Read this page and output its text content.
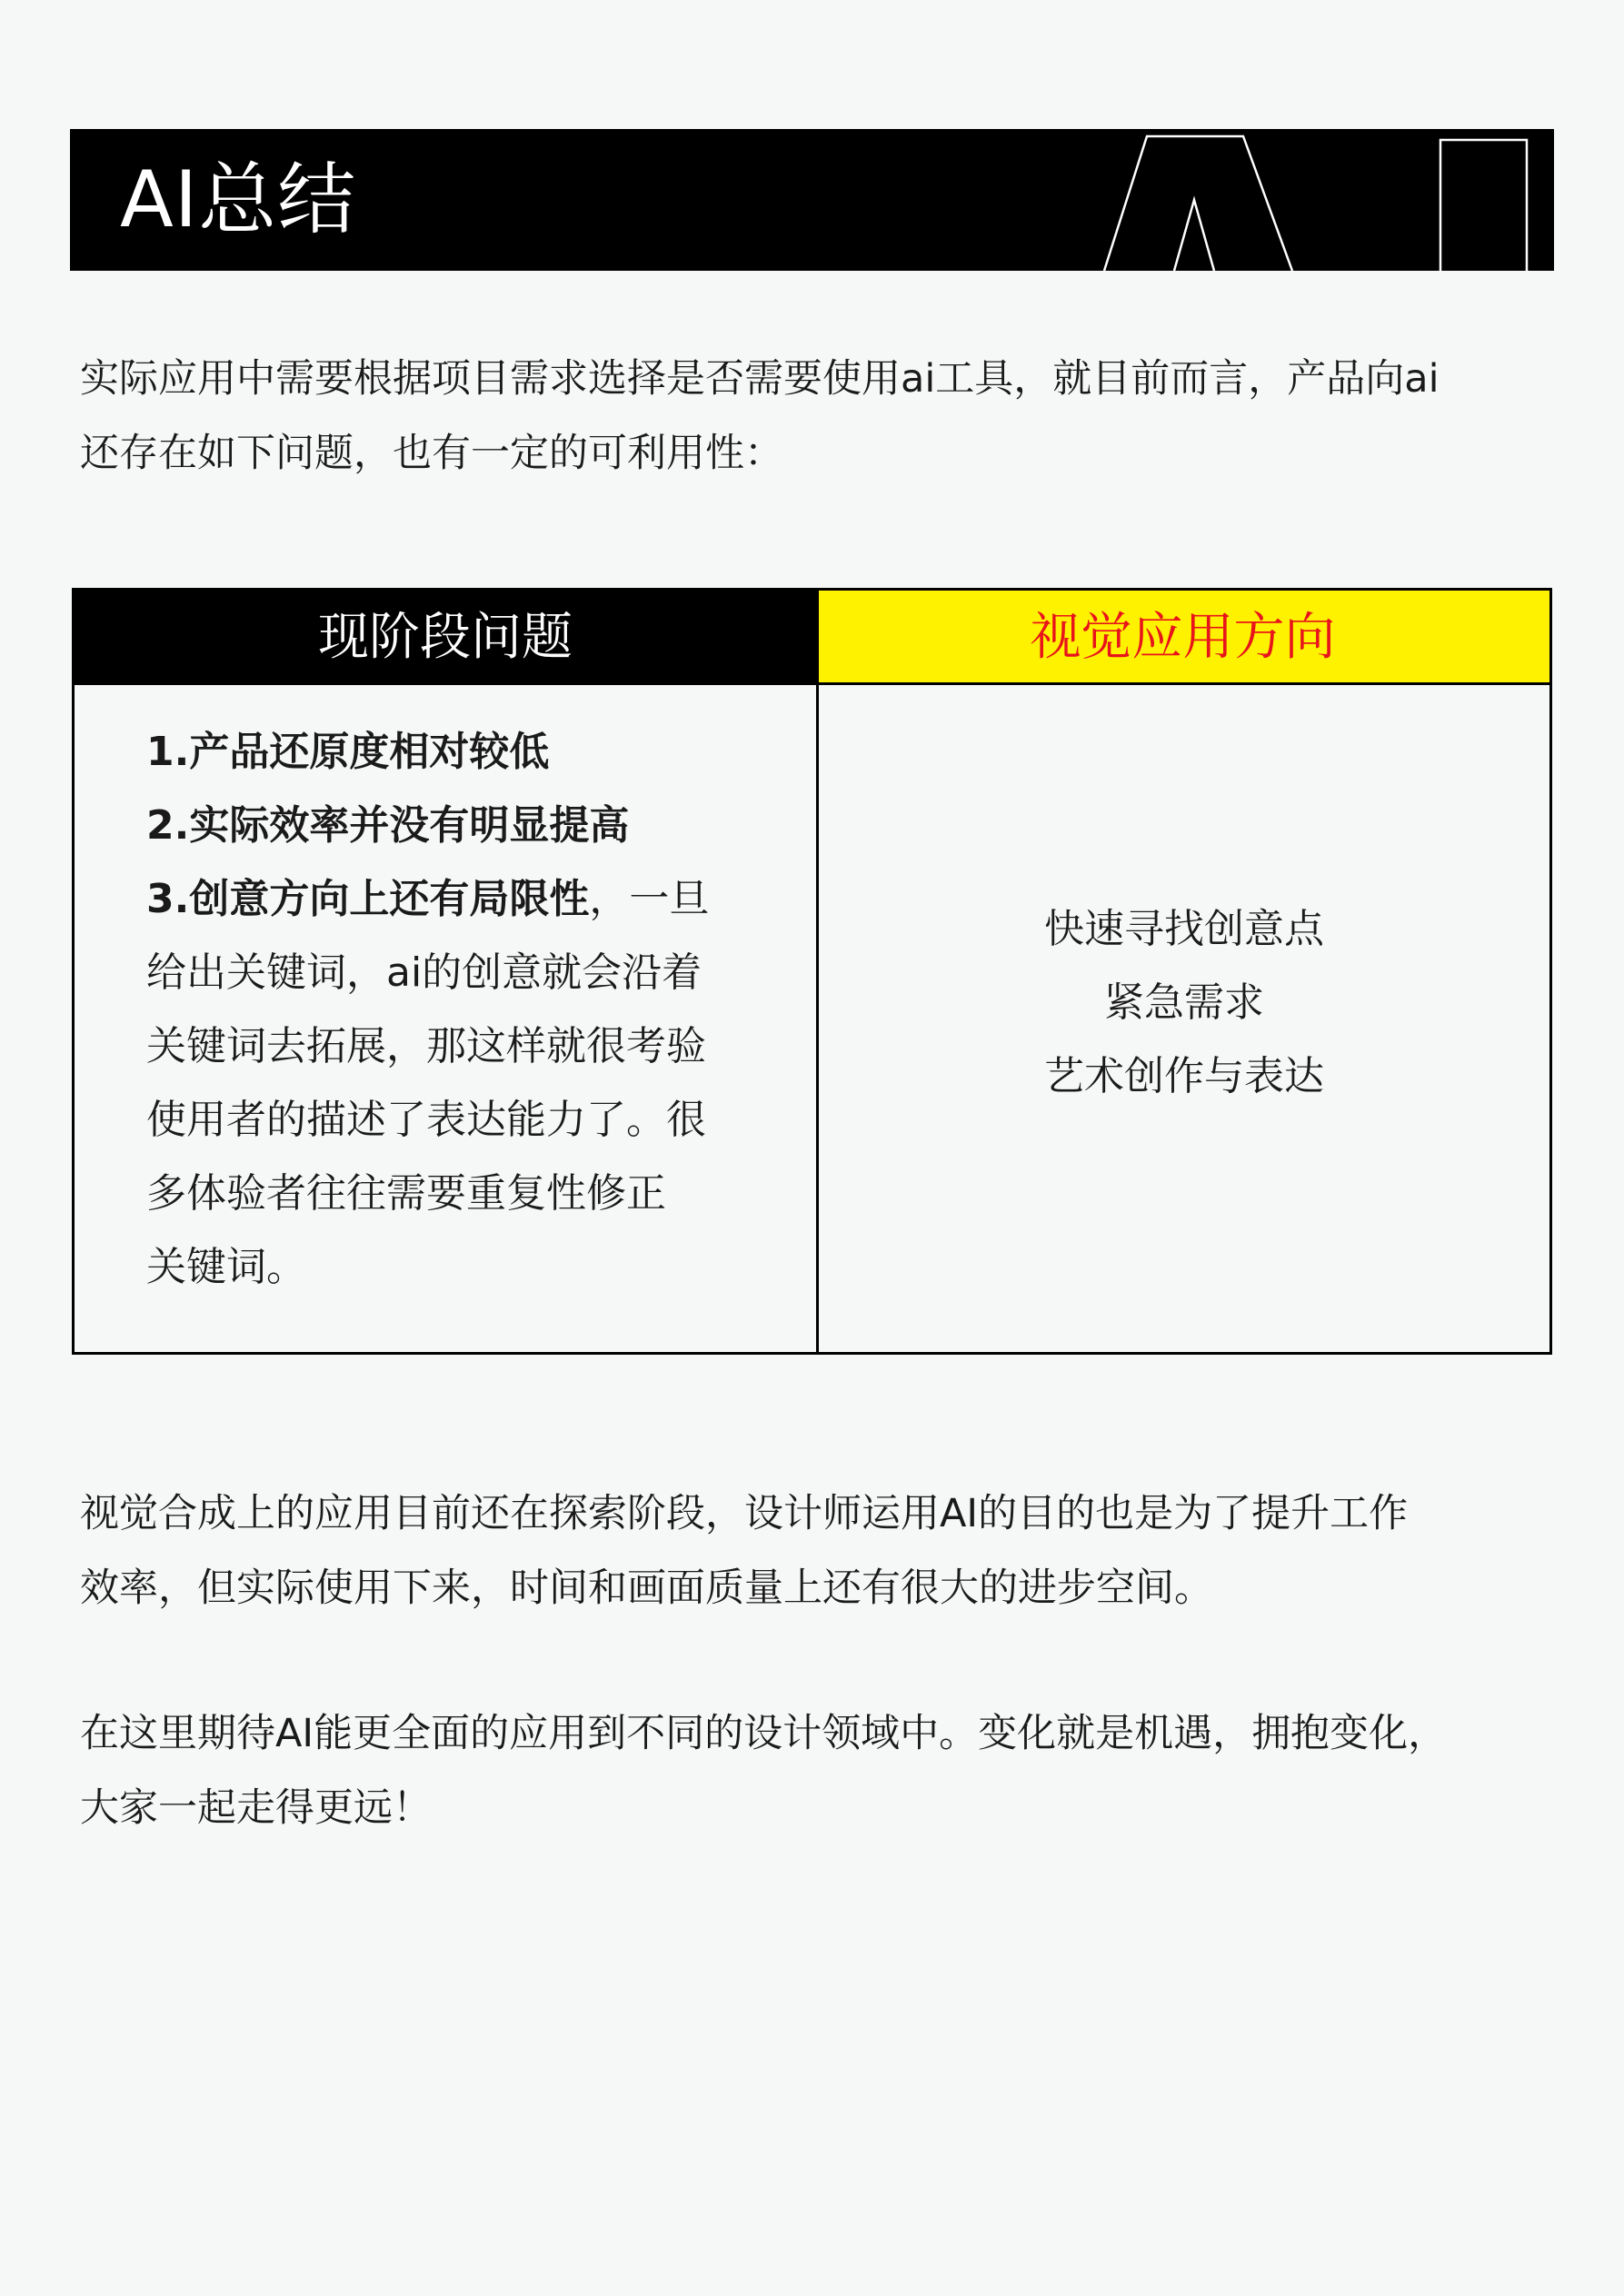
AI总结
实际应用中需要根据项目需求选择是否需要使用ai工具，就目前而言，产品向ai
还存在如下问题，也有一定的可利用性：
现阶段问题	视觉应用方向
1.产品还原度相对较低
2.实际效率并没有明显提高
3.创意方向上还有局限性，一旦
给出关键词，ai的创意就会沿着
关键词去拓展，那这样就很考验
使用者的描述了表达能力了。很
多体验者往往需要重复性修正
关键词。
快速寻找创意点
紧急需求
艺术创作与表达
视觉合成上的应用目前还在探索阶段，设计师运用AI的目的也是为了提升工作
效率，但实际使用下来，时间和画面质量上还有很大的进步空间。
在这里期待AI能更全面的应用到不同的设计领域中。变化就是机遇，拥抱变化，
大家一起走得更远！
